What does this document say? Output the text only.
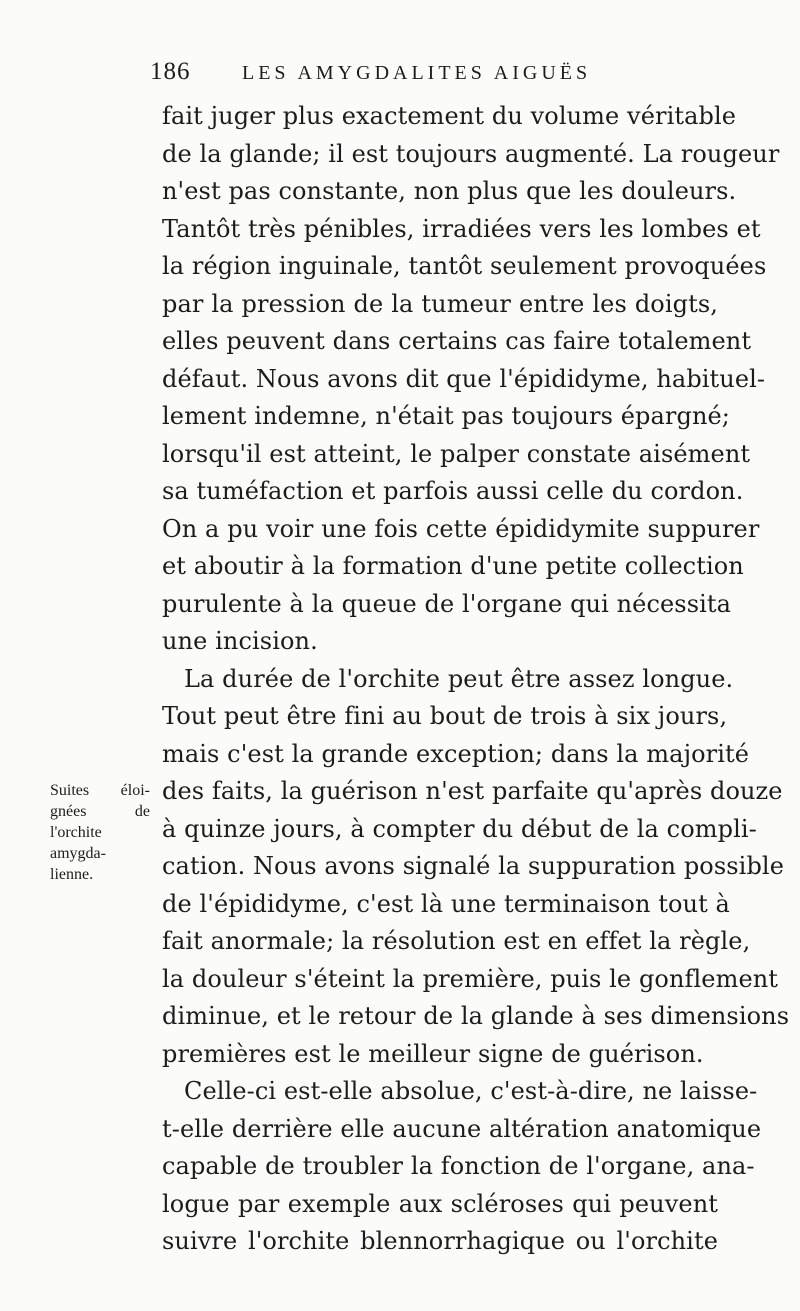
186	LES AMYGDALITES AIGUËS
fait juger plus exactement du volume véritable
de la glande; il est toujours augmenté. La rougeur
n'est pas constante, non plus que les douleurs.
Tantôt très pénibles, irradiées vers les lombes et
la région inguinale, tantôt seulement provoquées
par la pression de la tumeur entre les doigts,
elles peuvent dans certains cas faire totalement
défaut. Nous avons dit que l'épididyme, habituel-
lement indemne, n'était pas toujours épargné;
lorsqu'il est atteint, le palper constate aisément
sa tuméfaction et parfois aussi celle du cordon.
On a pu voir une fois cette épididymite suppurer
et aboutir à la formation d'une petite collection
purulente à la queue de l'organe qui nécessita
une incision.
La durée de l'orchite peut être assez longue.
Tout peut être fini au bout de trois à six jours,
mais c'est la grande exception; dans la majorité
des faits, la guérison n'est parfaite qu'après douze
à quinze jours, à compter du début de la compli-
cation. Nous avons signalé la suppuration possible
de l'épididyme, c'est là une terminaison tout à
fait anormale; la résolution est en effet la règle,
la douleur s'éteint la première, puis le gonflement
diminue, et le retour de la glande à ses dimensions
premières est le meilleur signe de guérison.
Celle-ci est-elle absolue, c'est-à-dire, ne laisse-
t-elle derrière elle aucune altération anatomique
capable de troubler la fonction de l'organe, ana-
logue par exemple aux scléroses qui peuvent
suivre l'orchite blennorrhagique ou l'orchite
Suites éloi-
gnées de
l'orchite
amygda-
lienne.
